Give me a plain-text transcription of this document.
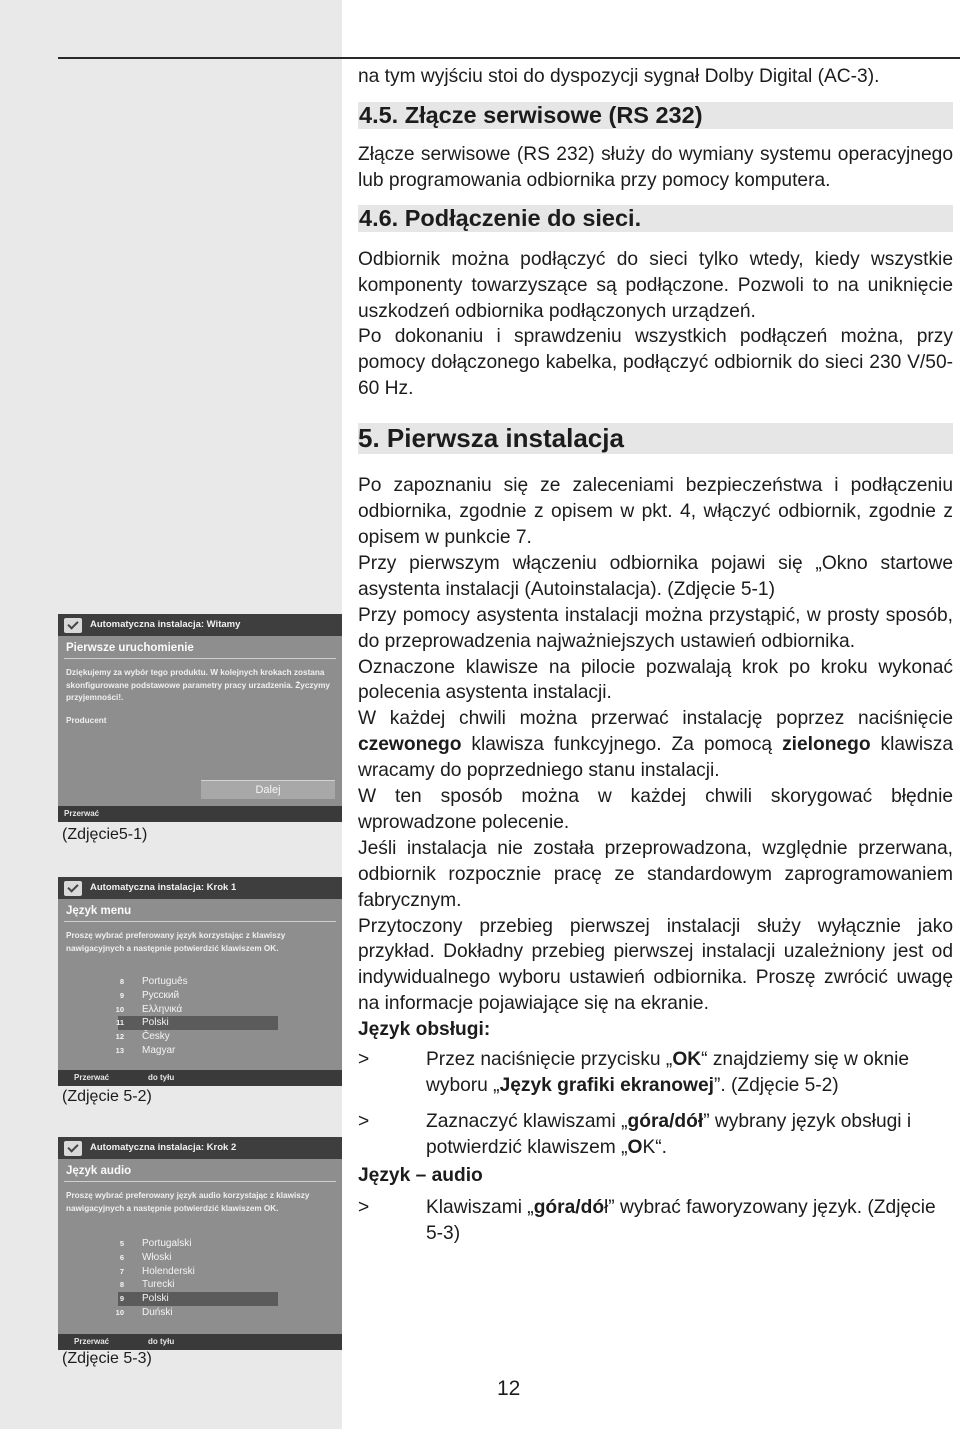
Automatyczna instalacja: Witamy
Pierwsze uruchomienie
Dziękujemy za wybór tego produktu. W kolejnych krokach zostana skonfigurowane podstawowe parametry pracy urzadzenia. Życzymy przyjemności!.
Producent
Dalej
Przerwać
(Zdjęcie5-1)
Automatyczna instalacja: Krok 1
Język menu
Proszę wybrać preferowany język korzystając z klawiszy nawigacyjnych a następnie potwierdzić klawiszem OK.
8 Português
9 Русский
10 Ελληνικά
11 Polski
12 Česky
13 Magyar
Przerwać	do tyłu
(Zdjęcie 5-2)
Automatyczna instalacja: Krok 2
Język audio
Proszę wybrać preferowany język audio korzystając z klawiszy nawigacyjnych a następnie potwierdzić klawiszem OK.
5 Portugalski
6 Włoski
7 Holenderski
8 Turecki
9 Polski
10 Duński
Przerwać	do tyłu
(Zdjęcie 5-3)

na tym wyjściu stoi do dyspozycji sygnał Dolby Digital (AC-3).

4.5. Złącze serwisowe (RS 232)

Złącze serwisowe (RS 232) służy do wymiany systemu operacyjnego lub programowania odbiornika przy pomocy komputera.

4.6. Podłączenie do sieci.

Odbiornik można podłączyć do sieci tylko wtedy, kiedy wszystkie komponenty towarzyszące są podłączone. Pozwoli to na uniknięcie uszkodzeń odbiornika podłączonych urządzeń.

Po dokonaniu i sprawdzeniu wszystkich podłączeń można, przy pomocy dołączonego kabelka, podłączyć odbiornik do sieci 230 V/50-60 Hz.

5. Pierwsza instalacja

Po zapoznaniu się ze zaleceniami bezpieczeństwa i podłączeniu odbiornika, zgodnie z opisem w pkt. 4, włączyć odbiornik, zgodnie z opisem w punkcie 7.

Przy pierwszym włączeniu odbiornika pojawi się „Okno startowe asystenta instalacji (Autoinstalacja). (Zdjęcie 5-1)

Przy pomocy asystenta instalacji można przystąpić, w prosty sposób, do przeprowadzenia najważniejszych ustawień odbiornika.

Oznaczone klawisze na pilocie pozwalają krok po kroku wykonać polecenia asystenta instalacji.

W każdej chwili można przerwać instalację poprzez naciśnięcie czewonego klawisza funkcyjnego. Za pomocą zielonego klawisza wracamy do poprzedniego stanu instalacji.

W ten sposób można w każdej chwili skorygować błędnie wprowadzone polecenie.

Jeśli instalacja nie została przeprowadzona, względnie przerwana, odbiornik rozpocznie pracę ze standardowym zaprogramowaniem fabrycznym.

Przytoczony przebieg pierwszej instalacji służy wyłącznie jako przykład. Dokładny przebieg pierwszej instalacji uzależniony jest od indywidualnego wyboru ustawień odbiornika. Proszę zwrócić uwagę na informacje pojawiające się na ekranie.

Język obsługi:

>	Przez naciśnięcie przycisku „OK“ znajdziemy się w oknie wyboru „Język grafiki ekranowej”. (Zdjęcie 5-2)
>	Zaznaczyć klawiszami „góra/dół” wybrany język obsługi i potwierdzić klawiszem „OK“.

Język – audio

>	Klawiszami „góra/dół” wybrać faworyzowany język. (Zdjęcie 5-3)
12
